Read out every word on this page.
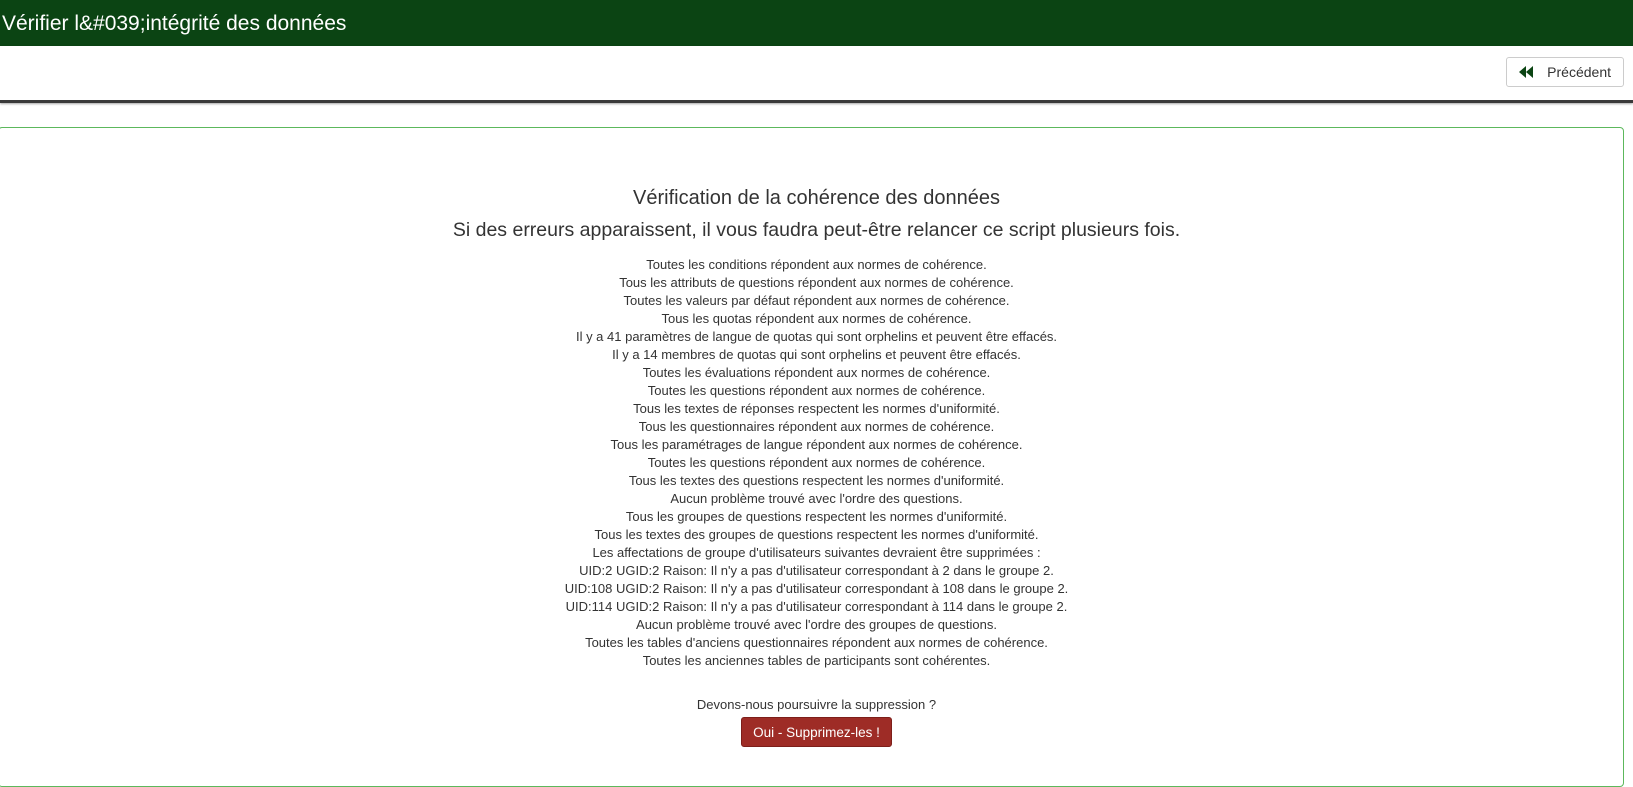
Vérifier l&#039;intégrité des données
Précédent
Vérification de la cohérence des données
Si des erreurs apparaissent, il vous faudra peut-être relancer ce script plusieurs fois.
Toutes les conditions répondent aux normes de cohérence.
Tous les attributs de questions répondent aux normes de cohérence.
Toutes les valeurs par défaut répondent aux normes de cohérence.
Tous les quotas répondent aux normes de cohérence.
Il y a 41 paramètres de langue de quotas qui sont orphelins et peuvent être effacés.
Il y a 14 membres de quotas qui sont orphelins et peuvent être effacés.
Toutes les évaluations répondent aux normes de cohérence.
Toutes les questions répondent aux normes de cohérence.
Tous les textes de réponses respectent les normes d'uniformité.
Tous les questionnaires répondent aux normes de cohérence.
Tous les paramétrages de langue répondent aux normes de cohérence.
Toutes les questions répondent aux normes de cohérence.
Tous les textes des questions respectent les normes d'uniformité.
Aucun problème trouvé avec l'ordre des questions.
Tous les groupes de questions respectent les normes d'uniformité.
Tous les textes des groupes de questions respectent les normes d'uniformité.
Les affectations de groupe d'utilisateurs suivantes devraient être supprimées :
UID:2 UGID:2 Raison: Il n'y a pas d'utilisateur correspondant à 2 dans le groupe 2.
UID:108 UGID:2 Raison: Il n'y a pas d'utilisateur correspondant à 108 dans le groupe 2.
UID:114 UGID:2 Raison: Il n'y a pas d'utilisateur correspondant à 114 dans le groupe 2.
Aucun problème trouvé avec l'ordre des groupes de questions.
Toutes les tables d'anciens questionnaires répondent aux normes de cohérence.
Toutes les anciennes tables de participants sont cohérentes.
Devons-nous poursuivre la suppression ?
Oui - Supprimez-les !
